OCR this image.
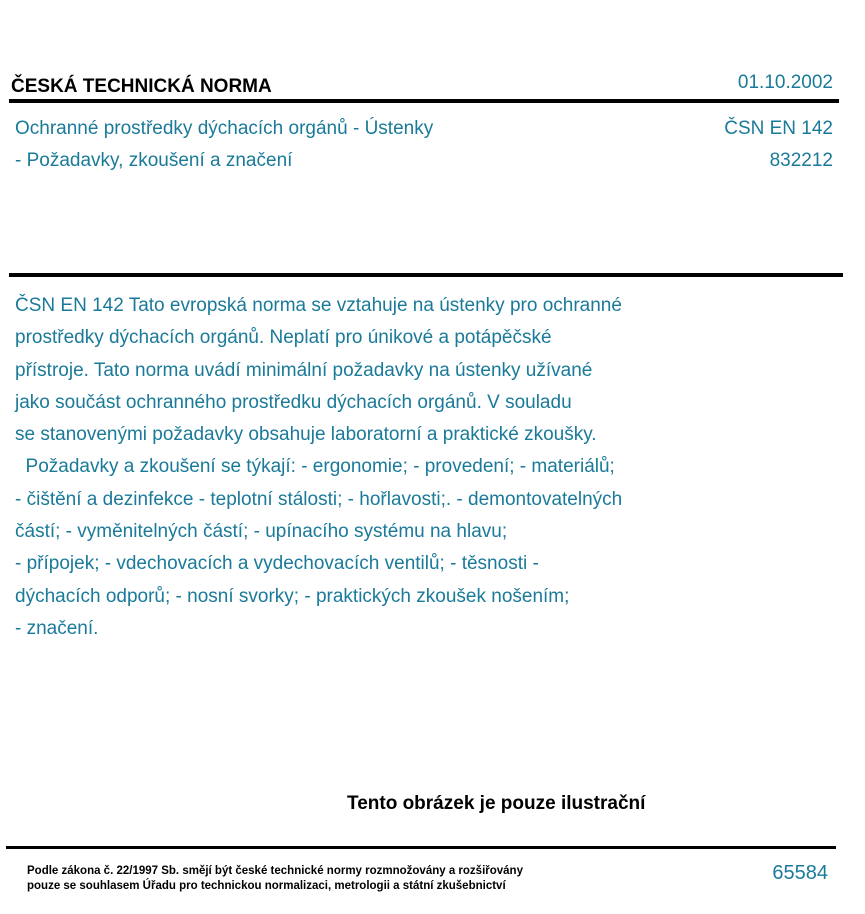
ČESKÁ TECHNICKÁ NORMA	01.10.2002
Ochranné prostředky dýchacích orgánů - Ústenky
- Požadavky, zkoušení a značení
ČSN EN 142
832212
ČSN EN 142 Tato evropská norma se vztahuje na ústenky pro ochranné
prostředky dýchacích orgánů. Neplatí pro únikové a potápěčské
přístroje. Tato norma uvádí minimální požadavky na ústenky užívané
jako součást ochranného prostředku dýchacích orgánů. V souladu
se stanovenými požadavky obsahuje laboratorní a praktické zkoušky.
Požadavky a zkoušení se týkají: - ergonomie; - provedení; - materiálů;
- čištění a dezinfekce - teplotní stálosti; - hořlavosti;. - demontovatelných
částí; - vyměnitelných částí; - upínacího systému na hlavu;
- přípojek; - vdechovacích a vydechovacích ventilů; - těsnosti -
dýchacích odporů; - nosní svorky; - praktických zkoušek nošením;
- značení.
Tento obrázek je pouze ilustrační
Podle zákona č. 22/1997 Sb. smějí být české technické normy rozmnožovány a rozšiřovány
pouze se souhlasem Úřadu pro technickou normalizaci, metrologii a státní zkušebnictví
65584
